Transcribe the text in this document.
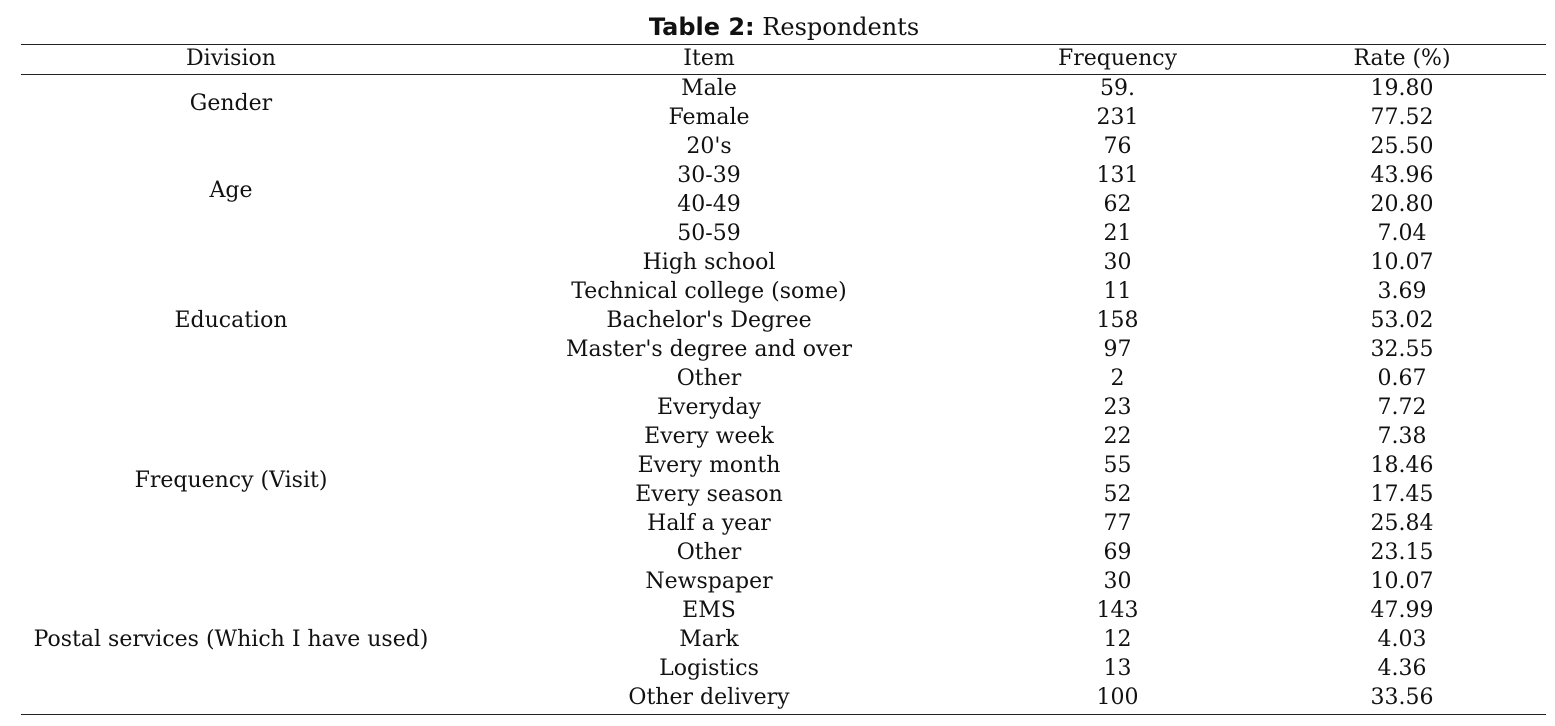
Table 2: Respondents
Division	Item	Frequency	Rate (%)
Gender	Male	59.	19.80
	Female	231	77.52
Age	20's	76	25.50
	30-39	131	43.96
	40-49	62	20.80
	50-59	21	7.04
Education	High school	30	10.07
	Technical college (some)	11	3.69
	Bachelor's Degree	158	53.02
	Master's degree and over	97	32.55
	Other	2	0.67
Frequency (Visit)	Everyday	23	7.72
	Every week	22	7.38
	Every month	55	18.46
	Every season	52	17.45
	Half a year	77	25.84
	Other	69	23.15
Postal services (Which I have used)	Newspaper	30	10.07
	EMS	143	47.99
	Mark	12	4.03
	Logistics	13	4.36
	Other delivery	100	33.56
